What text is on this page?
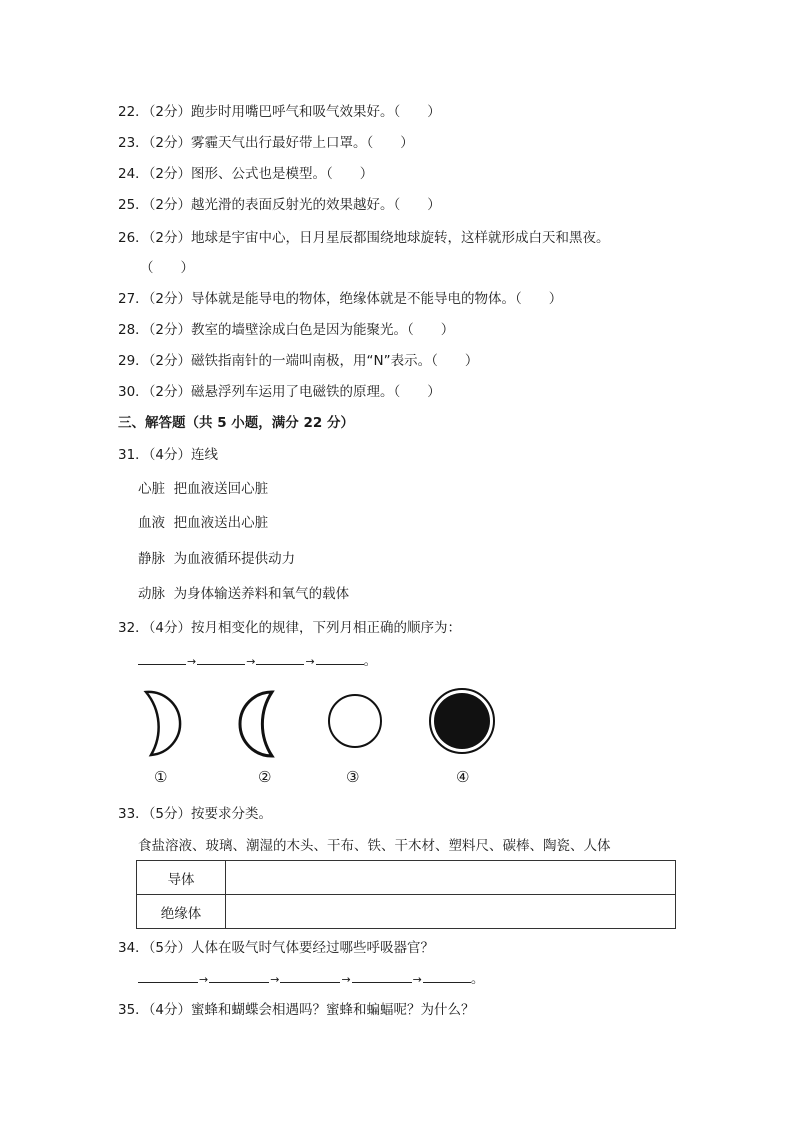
22．（2分）跑步时用嘴巴呼气和吸气效果好。（　　）
23．（2分）雾霾天气出行最好带上口罩。（　　）
24．（2分）图形、公式也是模型。（　　）
25．（2分）越光滑的表面反射光的效果越好。（　　）
26．（2分）地球是宇宙中心，日月星辰都围绕地球旋转，这样就形成白天和黑夜。
（　　）
27．（2分）导体就是能导电的物体，绝缘体就是不能导电的物体。（　　）
28．（2分）教室的墙壁涂成白色是因为能聚光。（　　）
29．（2分）磁铁指南针的一端叫南极，用“N”表示。（　　）
30．（2分）磁悬浮列车运用了电磁铁的原理。（　　）
三、解答题（共 5 小题，满分 22 分）
31．（4分）连线
心脏 把血液送回心脏
血液 把血液送出心脏
静脉 为血液循环提供动力
动脉 为身体输送养料和氧气的载体
32．（4分）按月相变化的规律，下列月相正确的顺序为：
→	→	→	。
①	②	③	④
33．（5分）按要求分类。
食盐溶液、玻璃、潮湿的木头、干布、铁、干木材、塑料尺、碳棒、陶瓷、人体
导体	
绝缘体	
34．（5分）人体在吸气时气体要经过哪些呼吸器官？
→	→	→	→	。
35．（4分）蜜蜂和蝴蝶会相遇吗？蜜蜂和蝙蝠呢？为什么？
